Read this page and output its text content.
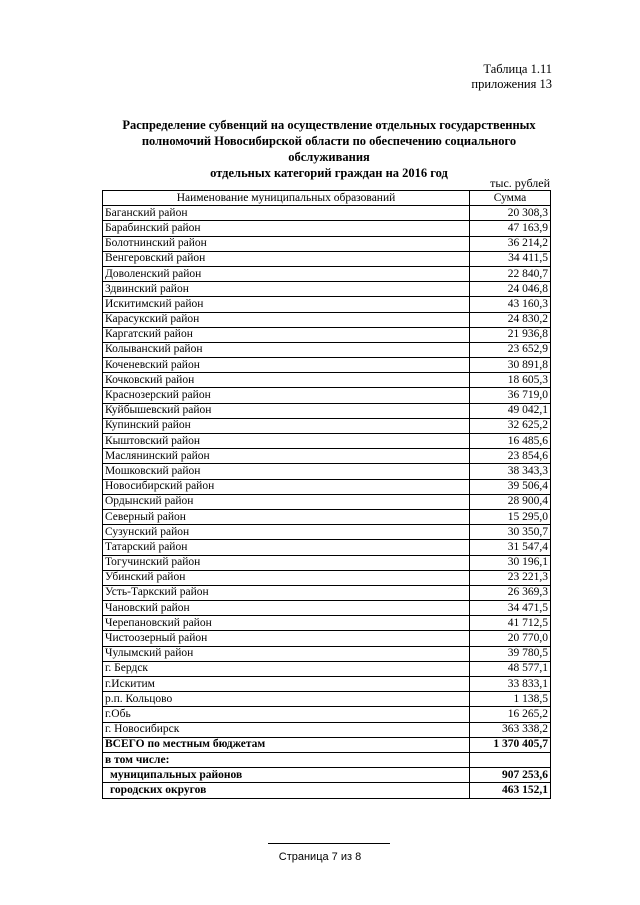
Таблица 1.11
приложения 13
Распределение субвенций на осуществление отдельных государственных
полномочий Новосибирской области по обеспечению социального обслуживания
отдельных категорий граждан на 2016 год
тыс. рублей
Наименование муниципальных образований	Сумма
Баганский район	20 308,3
Барабинский район	47 163,9
Болотнинский район	36 214,2
Венгеровский район	34 411,5
Доволенский район	22 840,7
Здвинский район	24 046,8
Искитимский район	43 160,3
Карасукский район	24 830,2
Каргатский район	21 936,8
Колыванский район	23 652,9
Коченевский район	30 891,8
Кочковский район	18 605,3
Краснозерский район	36 719,0
Куйбышевский район	49 042,1
Купинский район	32 625,2
Кыштовский район	16 485,6
Маслянинский район	23 854,6
Мошковский район	38 343,3
Новосибирский район	39 506,4
Ордынский район	28 900,4
Северный район	15 295,0
Сузунский район	30 350,7
Татарский район	31 547,4
Тогучинский район	30 196,1
Убинский район	23 221,3
Усть-Таркский район	26 369,3
Чановский район	34 471,5
Черепановский район	41 712,5
Чистоозерный район	20 770,0
Чулымский район	39 780,5
г. Бердск	48 577,1
г.Искитим	33 833,1
р.п. Кольцово	1 138,5
г.Обь	16 265,2
г. Новосибирск	363 338,2
ВСЕГО по местным бюджетам	1 370 405,7
в том числе:	
муниципальных районов	907 253,6
городских округов	463 152,1
Страница 7 из 8
